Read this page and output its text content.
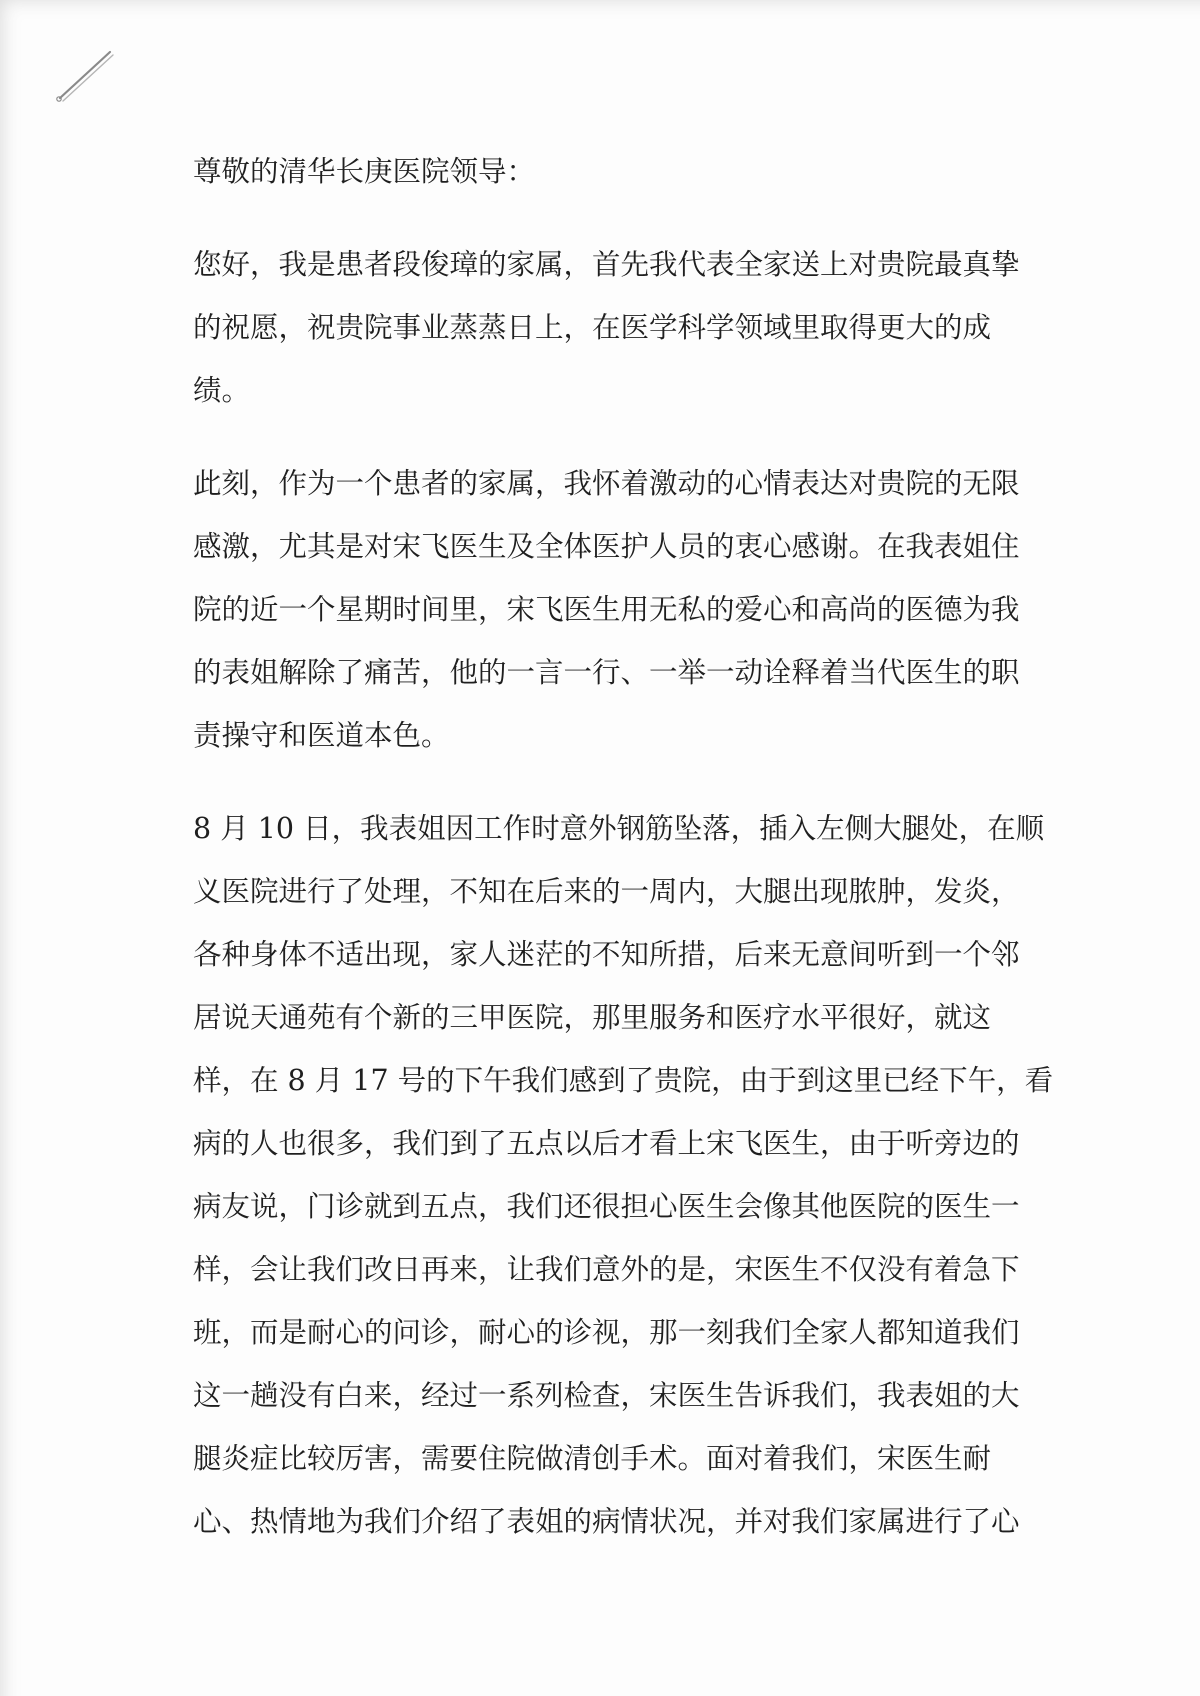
尊敬的清华长庚医院领导：
您好，我是患者段俊璋的家属，首先我代表全家送上对贵院最真挚
的祝愿，祝贵院事业蒸蒸日上，在医学科学领域里取得更大的成
绩。
此刻，作为一个患者的家属，我怀着激动的心情表达对贵院的无限
感激，尤其是对宋飞医生及全体医护人员的衷心感谢。在我表姐住
院的近一个星期时间里，宋飞医生用无私的爱心和高尚的医德为我
的表姐解除了痛苦，他的一言一行、一举一动诠释着当代医生的职
责操守和医道本色。
8 月 10 日，我表姐因工作时意外钢筋坠落，插入左侧大腿处，在顺
义医院进行了处理，不知在后来的一周内，大腿出现脓肿，发炎，
各种身体不适出现，家人迷茫的不知所措，后来无意间听到一个邻
居说天通苑有个新的三甲医院，那里服务和医疗水平很好，就这
样，在 8 月 17 号的下午我们感到了贵院，由于到这里已经下午，看
病的人也很多，我们到了五点以后才看上宋飞医生，由于听旁边的
病友说，门诊就到五点，我们还很担心医生会像其他医院的医生一
样，会让我们改日再来，让我们意外的是，宋医生不仅没有着急下
班，而是耐心的问诊，耐心的诊视，那一刻我们全家人都知道我们
这一趟没有白来，经过一系列检查，宋医生告诉我们，我表姐的大
腿炎症比较厉害，需要住院做清创手术。面对着我们，宋医生耐
心、热情地为我们介绍了表姐的病情状况，并对我们家属进行了心
